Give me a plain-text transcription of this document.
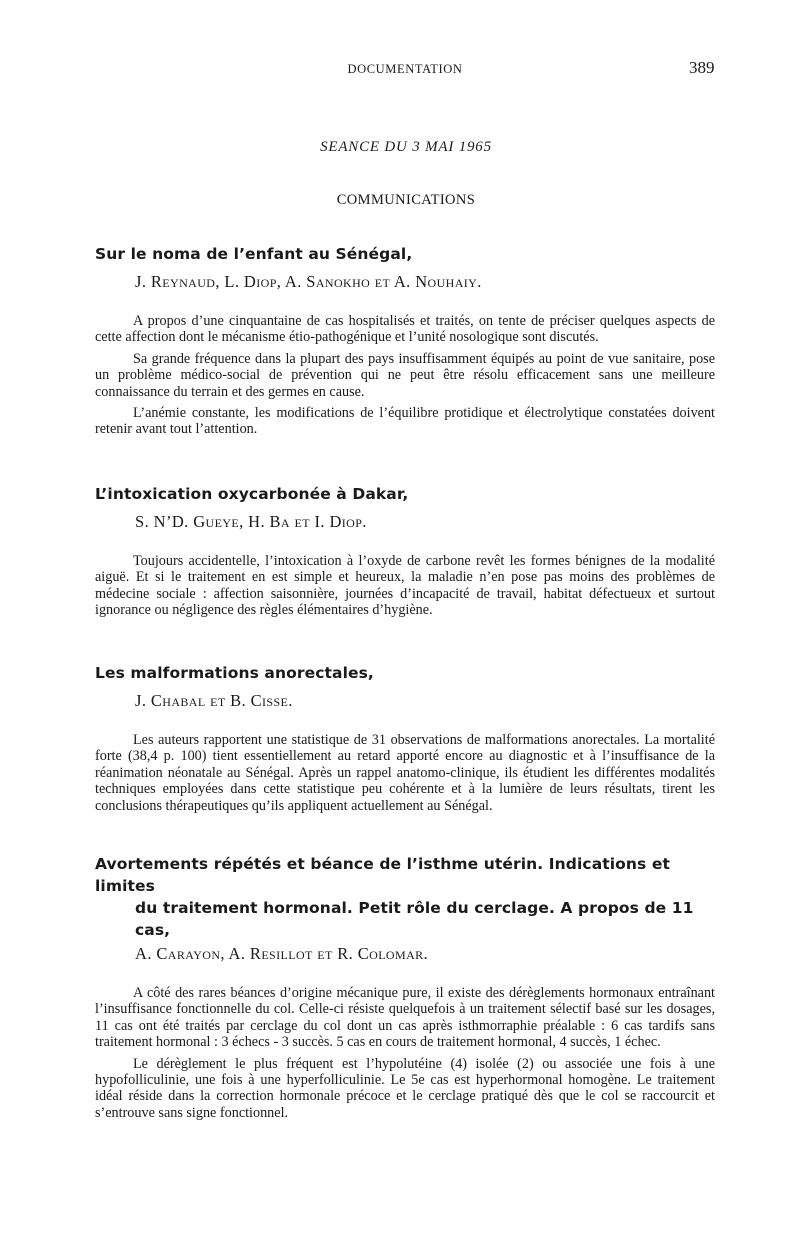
DOCUMENTATION	389
SEANCE DU 3 MAI 1965
COMMUNICATIONS
Sur le noma de l’enfant au Sénégal,
J. Reynaud, L. Diop, A. Sanokho et A. Nouhaiy.

A propos d’une cinquantaine de cas hospitalisés et traités, on tente de préciser quelques aspects de cette affection dont le mécanisme étio-pathogénique et l’unité nosologique sont discutés.

Sa grande fréquence dans la plupart des pays insuffisamment équipés au point de vue sanitaire, pose un problème médico-social de prévention qui ne peut être résolu efficacement sans une meilleure connaissance du terrain et des germes en cause.

L’anémie constante, les modifications de l’équilibre protidique et électrolytique constatées doivent retenir avant tout l’attention.

L’intoxication oxycarbonée à Dakar,
S. N’D. Gueye, H. Ba et I. Diop.

Toujours accidentelle, l’intoxication à l’oxyde de carbone revêt les formes bénignes de la modalité aiguë. Et si le traitement en est simple et heureux, la maladie n’en pose pas moins des problèmes de médecine sociale : affection saisonnière, journées d’incapacité de travail, habitat défectueux et surtout ignorance ou négligence des règles élémentaires d’hygiène.

Les malformations anorectales,
J. Chabal et B. Cisse.

Les auteurs rapportent une statistique de 31 observations de malformations anorectales. La mortalité forte (38,4 p. 100) tient essentiellement au retard apporté encore au diagnostic et à l’insuffisance de la réanimation néonatale au Sénégal. Après un rappel anatomo-clinique, ils étudient les différentes modalités techniques employées dans cette statistique peu cohérente et à la lumière de leurs résultats, tirent les conclusions thérapeutiques qu’ils appliquent actuellement au Sénégal.

Avortements répétés et béance de l’isthme utérin. Indications et limites
du traitement hormonal. Petit rôle du cerclage. A propos de 11 cas,
A. Carayon, A. Resillot et R. Colomar.

A côté des rares béances d’origine mécanique pure, il existe des dérèglements hormonaux entraînant l’insuffisance fonctionnelle du col. Celle-ci résiste quelquefois à un traitement sélectif basé sur les dosages, 11 cas ont été traités par cerclage du col dont un cas après isthmorraphie préalable : 6 cas tardifs sans traitement hormonal : 3 échecs - 3 succès. 5 cas en cours de traitement hormonal, 4 succès, 1 échec.

Le dérèglement le plus fréquent est l’hypolutéine (4) isolée (2) ou associée une fois à une hypofolliculinie, une fois à une hyperfolliculinie. Le 5e cas est hyperhormonal homogène. Le traitement idéal réside dans la correction hormonale précoce et le cerclage pratiqué dès que le col se raccourcit et s’entrouve sans signe fonctionnel.
